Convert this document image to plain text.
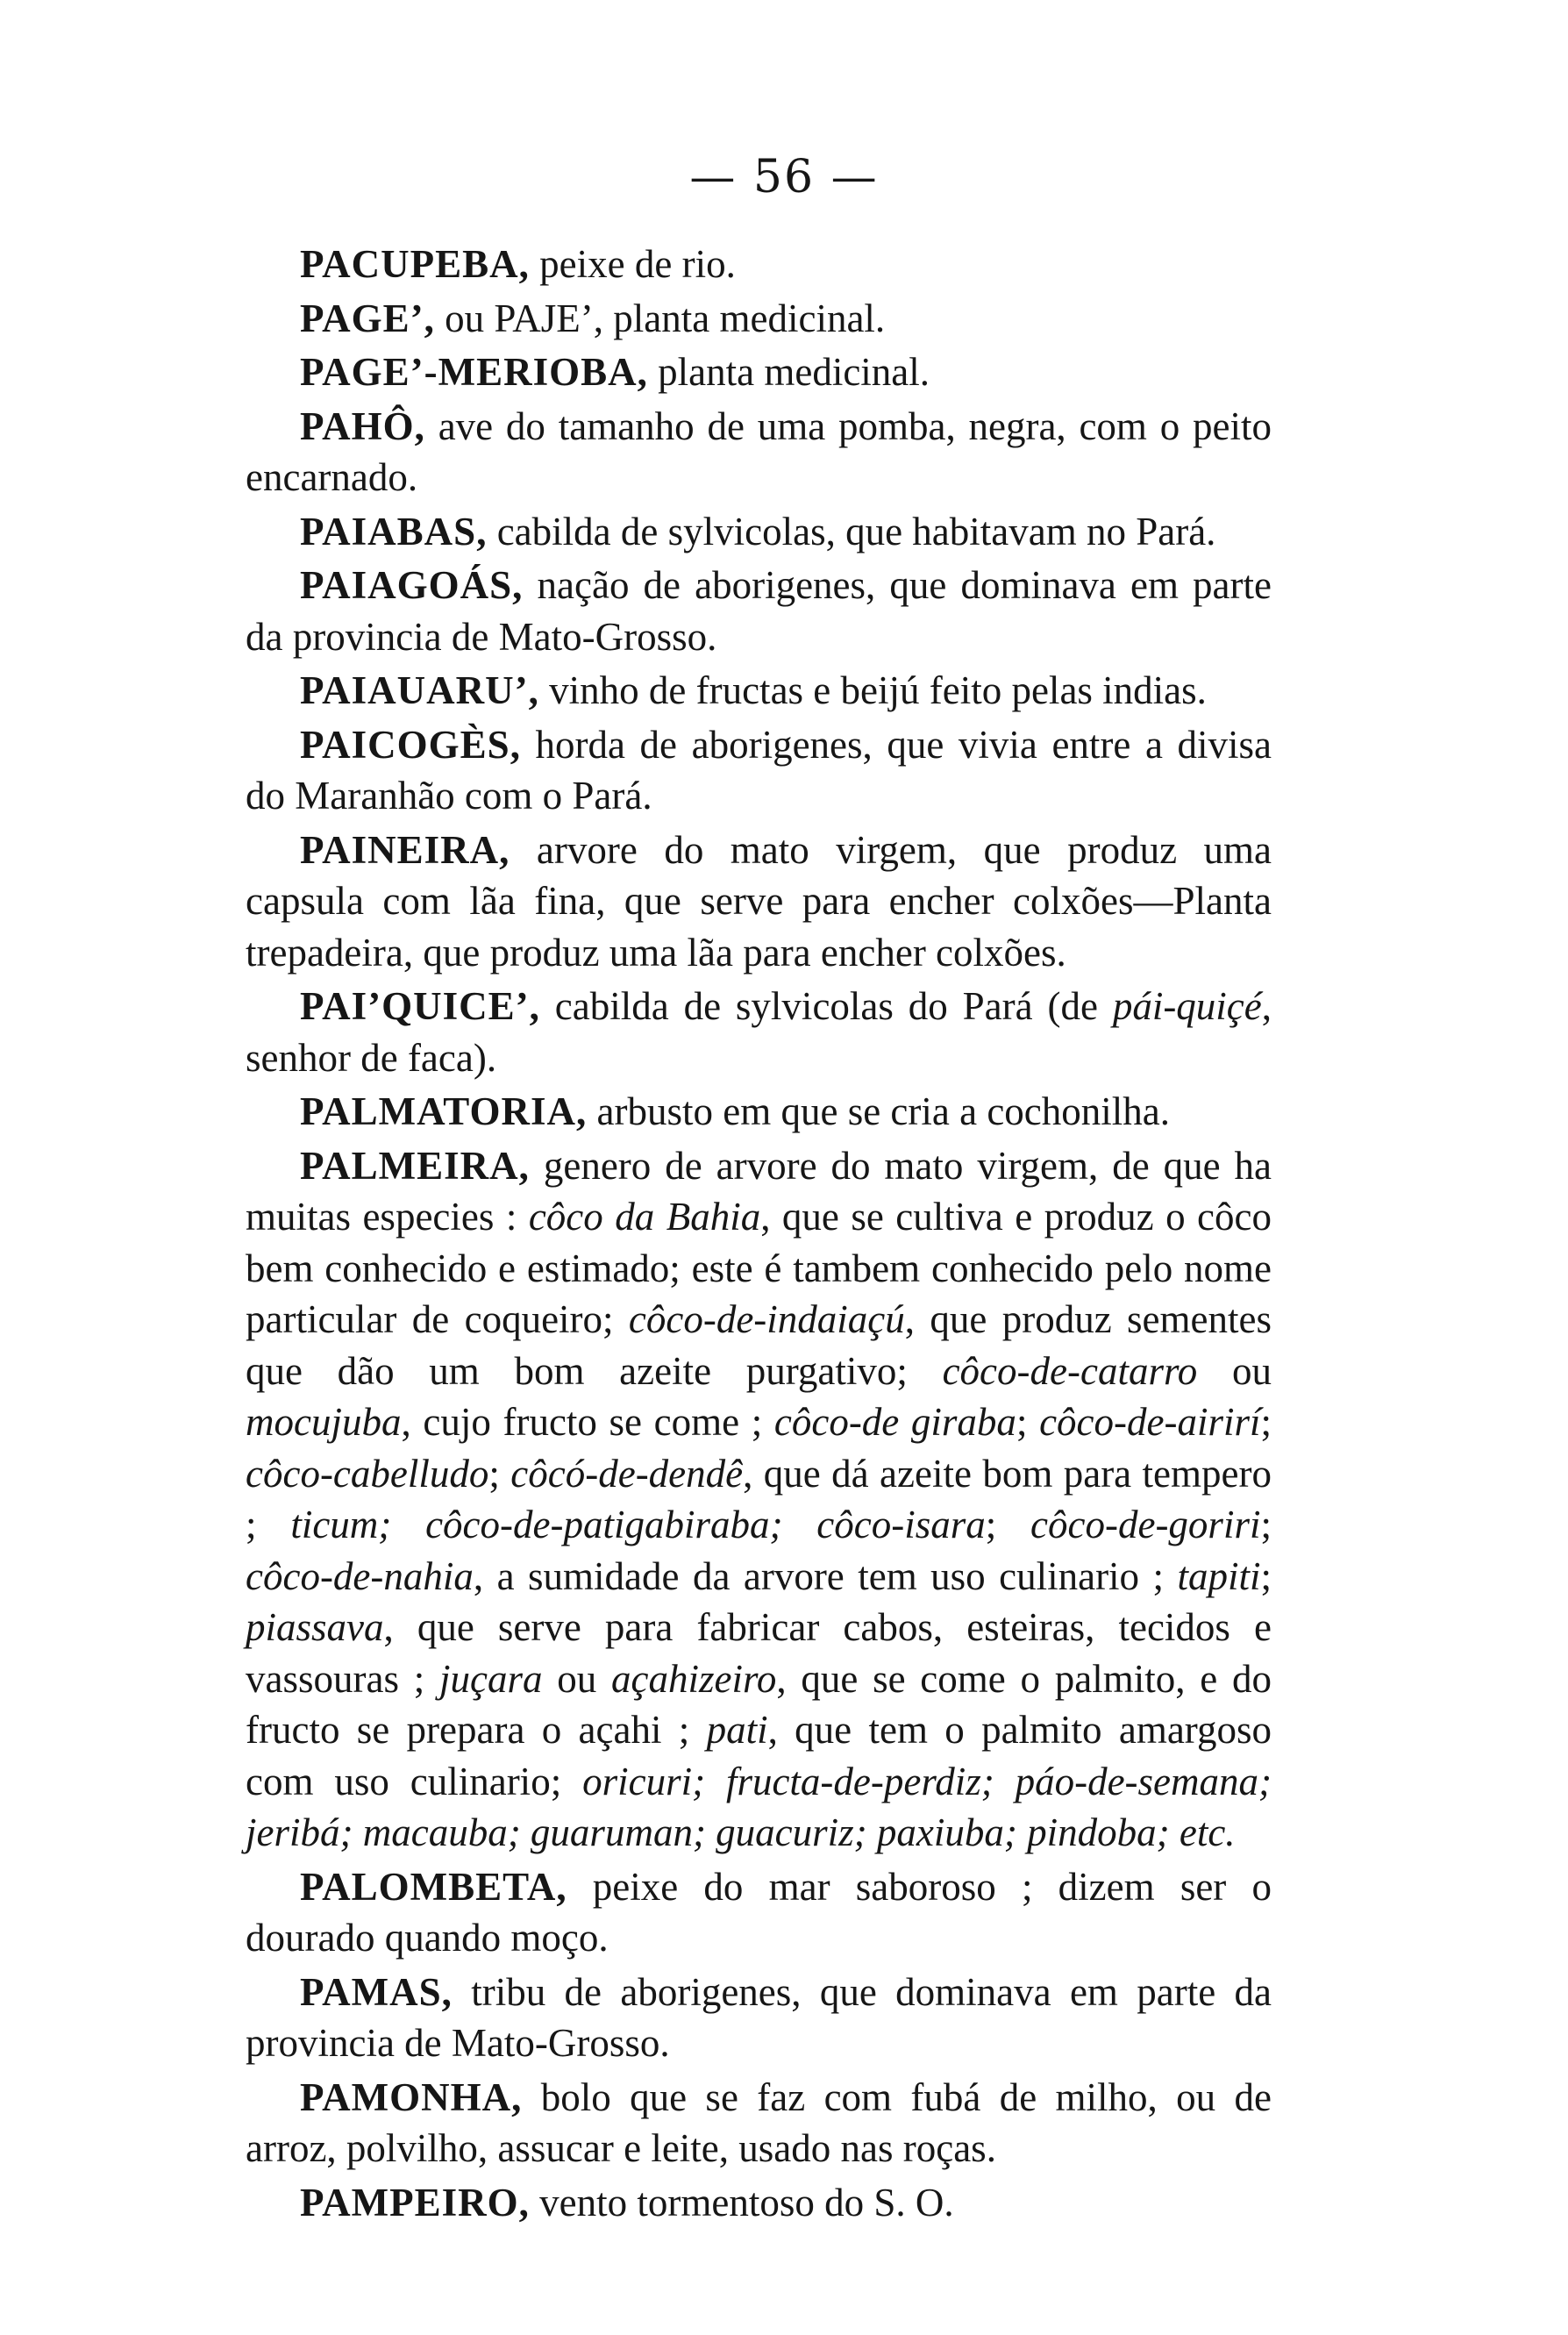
— 56 —

PACUPEBA, peixe de rio.

PAGE’, ou PAJE’, planta medicinal.

PAGE’-MERIOBA, planta medicinal.

PAHÔ, ave do tamanho de uma pomba, negra, com o peito encarnado.

PAIABAS, cabilda de sylvicolas, que habitavam no Pará.

PAIAGOÁS, nação de aborigenes, que dominava em parte da provincia de Mato-Grosso.

PAIAUARU’, vinho de fructas e beijú feito pelas indias.

PAICOGÈS, horda de aborigenes, que vivia entre a divisa do Maranhão com o Pará.

PAINEIRA, arvore do mato virgem, que produz uma capsula com lãa fina, que serve para encher colxões—Planta trepadeira, que produz uma lãa para encher colxões.

PAI’QUICE’, cabilda de sylvicolas do Pará (de pái-quiçé, senhor de faca).

PALMATORIA, arbusto em que se cria a cochonilha.

PALMEIRA, genero de arvore do mato virgem, de que ha muitas especies : côco da Bahia, que se cultiva e produz o côco bem conhecido e estimado; este é tambem conhecido pelo nome particular de coqueiro; côco-de-indaiaçú, que produz sementes que dão um bom azeite purgativo; côco-de-catarro ou mocujuba, cujo fructo se come ; côco-de giraba; côco-de-airirí; côco-cabelludo; côcó-de-dendê, que dá azeite bom para tempero ; ticum; côco-de-patigabiraba; côco-isara; côco-de-goriri; côco-de-nahia, a sumidade da arvore tem uso culinario ; tapiti; piassava, que serve para fabricar cabos, esteiras, tecidos e vassouras ; juçara ou açahizeiro, que se come o palmito, e do fructo se prepara o açahi ; pati, que tem o palmito amargoso com uso culinario; oricuri; fructa-de-perdiz; páo-de-semana; jeribá; macauba; guaruman; guacuriz; paxiuba; pindoba; etc.

PALOMBETA, peixe do mar saboroso ; dizem ser o dourado quando moço.

PAMAS, tribu de aborigenes, que dominava em parte da provincia de Mato-Grosso.

PAMONHA, bolo que se faz com fubá de milho, ou de arroz, polvilho, assucar e leite, usado nas roças.

PAMPEIRO, vento tormentoso do S. O.
